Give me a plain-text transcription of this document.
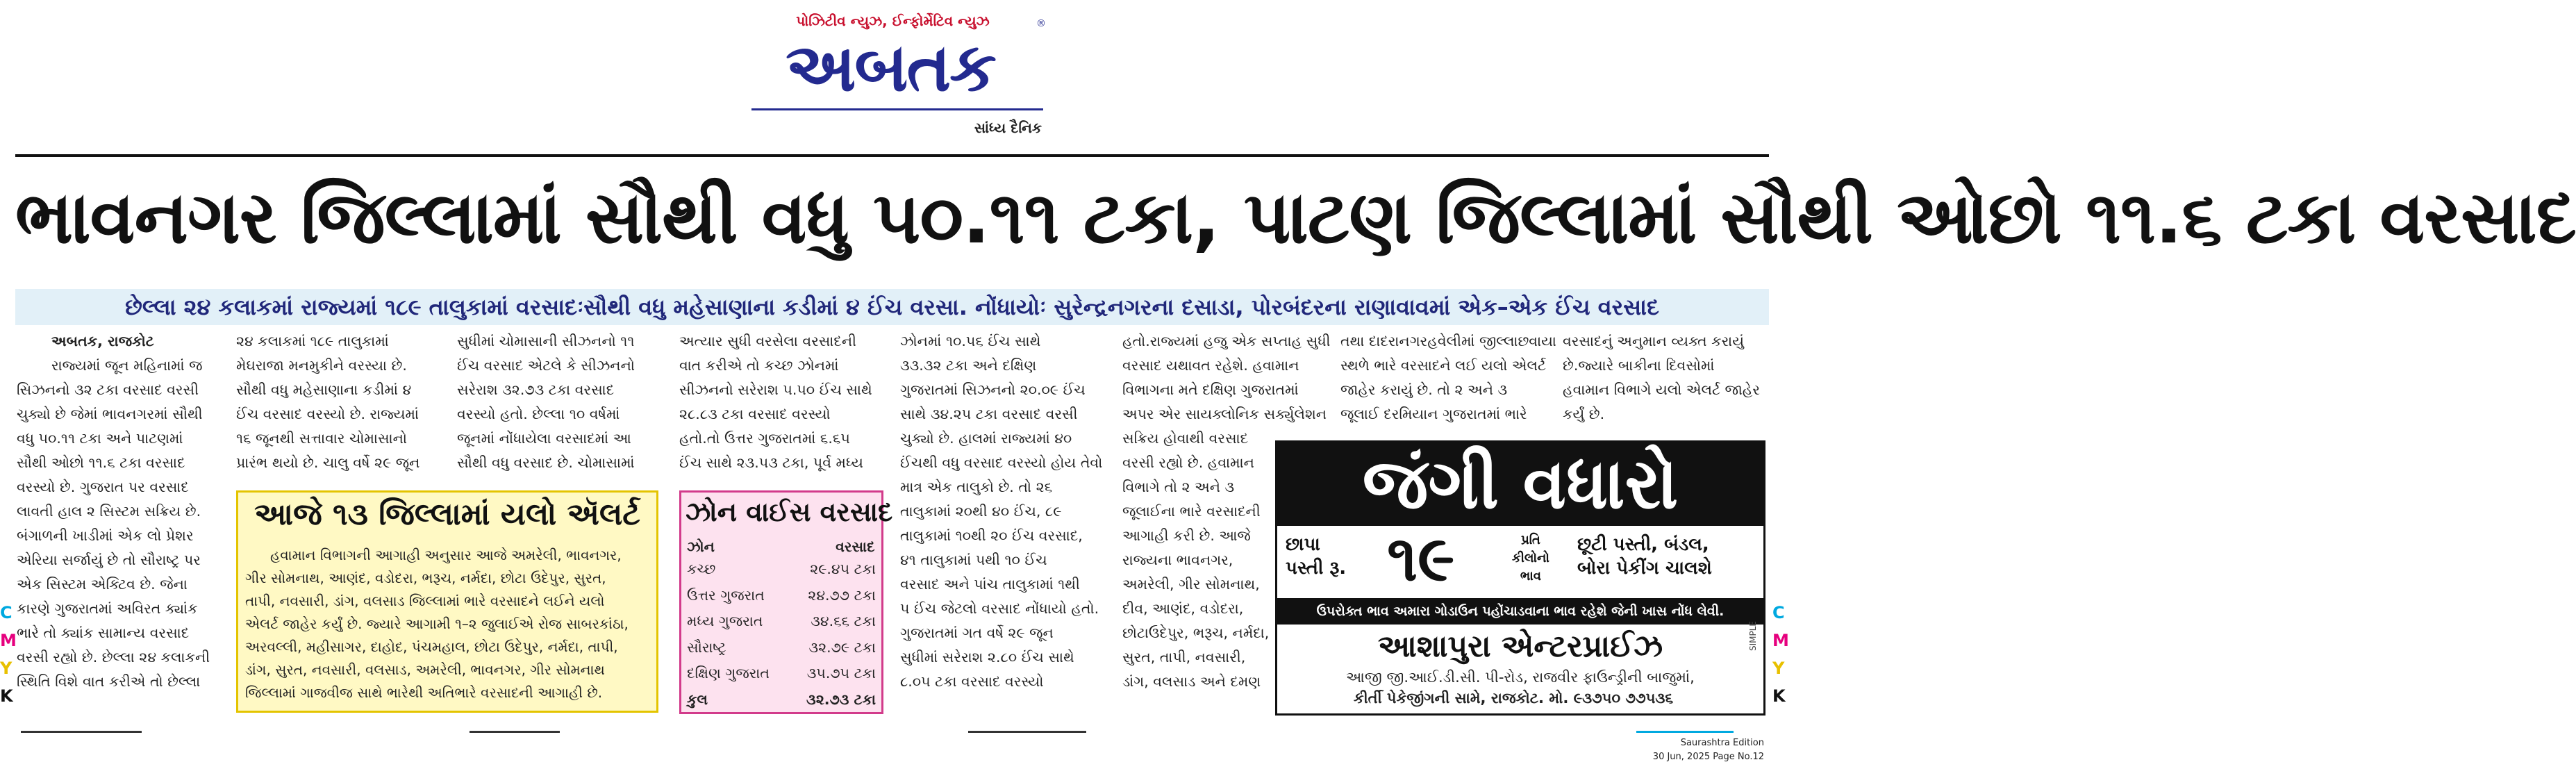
પોઝિટીવ ન્યુઝ, ઈન્ફોર્મેટિવ ન્યુઝ
અબતક
®
સાંધ્ય દૈનિક
ભાવનગર જિલ્લામાં સૌથી વધુ ૫૦.૧૧ ટકા, પાટણ જિલ્લામાં સૌથી ઓછો ૧૧.૬ ટકા વરસાદ
છેલ્લા ૨૪ કલાકમાં રાજ્યમાં ૧૮૯ તાલુકામાં વરસાદઃસૌથી વધુ મહેસાણાના કડીમાં ૪ ઈંચ વરસા. નોંધાયોઃ સુરેન્દ્રનગરના દસાડા, પોરબંદરના રાણાવાવમાં એક–એક ઈંચ વરસાદ

અબતક, રાજકોટ

રાજ્યમાં જૂન મહિનામાં જ
સિઝનનો ૩૨ ટકા વરસાદ વરસી
ચુક્યો છે જેમાં ભાવનગરમાં સૌથી
વધુ ૫૦.૧૧ ટકા અને પાટણમાં
સૌથી ઓછો ૧૧.૬ ટકા વરસાદ
વરસ્યો છે. ગુજરાત પર વરસાદ
લાવતી હાલ ૨ સિસ્ટમ સક્રિય છે.
બંગાળની ખાડીમાં એક લો પ્રેશર
એરિયા સર્જાયું છે તો સૌરાષ્ટ્ર પર
એક સિસ્ટમ એક્ટિવ છે. જેના
કારણે ગુજરાતમાં અવિરત ક્યાંક
ભારે તો ક્યાંક સામાન્ય વરસાદ
વરસી રહ્યો છે. છેલ્લા ૨૪ કલાકની
સ્થિતિ વિશે વાત કરીએ તો છેલ્લા
૨૪ કલાકમાં ૧૮૯ તાલુકામાં
મેઘરાજા મનમુકીને વરસ્યા છે.
સૌથી વધુ મહેસાણાના કડીમાં ૪
ઈંચ વરસાદ વરસ્યો છે. રાજ્યમાં
૧૬ જૂનથી સત્તાવાર ચોમાસાનો
પ્રારંભ થયો છે. ચાલુ વર્ષે ૨૯ જૂન
સુધીમાં ચોમાસાની સીઝનનો ૧૧
ઈંચ વરસાદ એટલે કે સીઝનનો
સરેરાશ ૩૨.૭૩ ટકા વરસાદ
વરસ્યો હતો. છેલ્લા ૧૦ વર્ષમાં
જૂનમાં નોંધાયેલા વરસાદમાં આ
સૌથી વધુ વરસાદ છે. ચોમાસામાં
અત્યાર સુધી વરસેલા વરસાદની
વાત કરીએ તો કચ્છ ઝોનમાં
સીઝનનો સરેરાશ ૫.૫૦ ઈંચ સાથે
૨૮.૮૩ ટકા વરસાદ વરસ્યો
હતો.તો ઉત્તર ગુજરાતમાં ૬.૬૫
ઈંચ સાથે ૨૩.૫૩ ટકા, પૂર્વ મધ્ય
ઝોનમાં ૧૦.૫૬ ઈંચ સાથે
૩૩.૩૨ ટકા અને દક્ષિણ
ગુજરાતમાં સિઝનનો ૨૦.૦૯ ઈંચ
સાથે ૩૪.૨૫ ટકા વરસાદ વરસી
ચુક્યો છે. હાલમાં રાજ્યમાં ૪૦
ઈંચથી વધુ વરસાદ વરસ્યો હોય તેવો
માત્ર એક તાલુકો છે. તો ૨૬
તાલુકામાં ૨૦થી ૪૦ ઈંચ, ૮૯
તાલુકામાં ૧૦થી ૨૦ ઈંચ વરસાદ,
૪૧ તાલુકામાં ૫થી ૧૦ ઈંચ
વરસાદ અને પાંચ તાલુકામાં ૧થી
૫ ઈંચ જેટલો વરસાદ નોંધાયો હતો.
ગુજરાતમાં ગત વર્ષે ૨૯ જૂન
સુધીમાં સરેરાશ ૨.૮૦ ઈંચ સાથે
૮.૦૫ ટકા વરસાદ વરસ્યો
હતો.રાજ્યમાં હજુ એક સપ્તાહ સુધી
વરસાદ યથાવત રહેશે. હવામાન
વિભાગના મતે દક્ષિણ ગુજરાતમાં
અપર એર સાયક્લોનિક સર્ક્યુલેશન
સક્રિય હોવાથી વરસાદ
વરસી રહ્યો છે. હવામાન
વિભાગે તો ૨ અને ૩
જૂલાઈના ભારે વરસાદની
આગાહી કરી છે. આજે
રાજ્યના ભાવનગર,
અમરેલી, ગીર સોમનાથ,
દીવ, આણંદ, વડોદરા,
છોટાઉદેપુર, ભરૂચ, નર્મદા,
સુરત, તાપી, નવસારી,
ડાંગ, વલસાડ અને દમણ
તથા દાદરાનગરહવેલીમાં જીલ્લાછવાયા
સ્થળે ભારે વરસાદને લઈ યલો એલર્ટ
જાહેર કરાયું છે. તો ૨ અને ૩
જૂલાઈ દરમિયાન ગુજરાતમાં ભારે
વરસાદનું અનુમાન વ્યક્ત કરાયું
છે.જ્યારે બાકીના દિવસોમાં
હવામાન વિભાગે યલો એલર્ટ જાહેર
કર્યું છે.
આજે ૧૩ જિલ્લામાં યલો ઍલર્ટ
હવામાન વિભાગની આગાહી અનુસાર આજે અમરેલી, ભાવનગર,
ગીર સોમનાથ, આણંદ, વડોદરા, ભરૂચ, નર્મદા, છોટા ઉદેપુર, સુરત,
તાપી, નવસારી, ડાંગ, વલસાડ જિલ્લામાં ભારે વરસાદને લઈને યલો
એલર્ટ જાહેર કર્યું છે. જ્યારે આગામી ૧–૨ જુલાઈએ રોજ સાબરકાંઠા,
અરવલ્લી, મહીસાગર, દાહોદ, પંચમહાલ, છોટા ઉદેપુર, નર્મદા, તાપી,
ડાંગ, સુરત, નવસારી, વલસાડ, અમરેલી, ભાવનગર, ગીર સોમનાથ
જિલ્લામાં ગાજવીજ સાથે ભારેથી અતિભારે વરસાદની આગાહી છે.
ઝોન વાઈસ વરસાદ
ઝોન	વરસાદ
કચ્છ	૨૯.૪૫ ટકા
ઉત્તર ગુજરાત	૨૪.૭૭ ટકા
મધ્ય ગુજરાત	૩૪.૬૬ ટકા
સૌરાષ્ટ્ર	૩૨.૭૯ ટકા
દક્ષિણ ગુજરાત	૩૫.૭૫ ટકા
કુલ	૩૨.૭૩ ટકા
જંગી વધારો
છાપા
પસ્તી રૂ. ૧૯	પ્રતિ
કીલોનો
ભાવ
છૂટી પસ્તી, બંડલ,
બોરા પેકીંગ ચાલશે
ઉપરોક્ત ભાવ અમારા ગોડાઉન પહોંચાડવાના ભાવ રહેશે જેની ખાસ નોંધ લેવી.
આશાપુરા એન્ટરપ્રાઈઝ
આજી જી.આઈ.ડી.સી. પી-રોડ, રાજવીર ફાઉન્ડ્રીની બાજુમાં,
કીર્તી પેકેજીંગની સામે, રાજકોટ. મો. ૯૩૭૫૦ ૭૭૫૩૬
SIMPLE
C
M
Y
K
C
M
Y
K
Saurashtra Edition
30 Jun, 2025 Page No.12
